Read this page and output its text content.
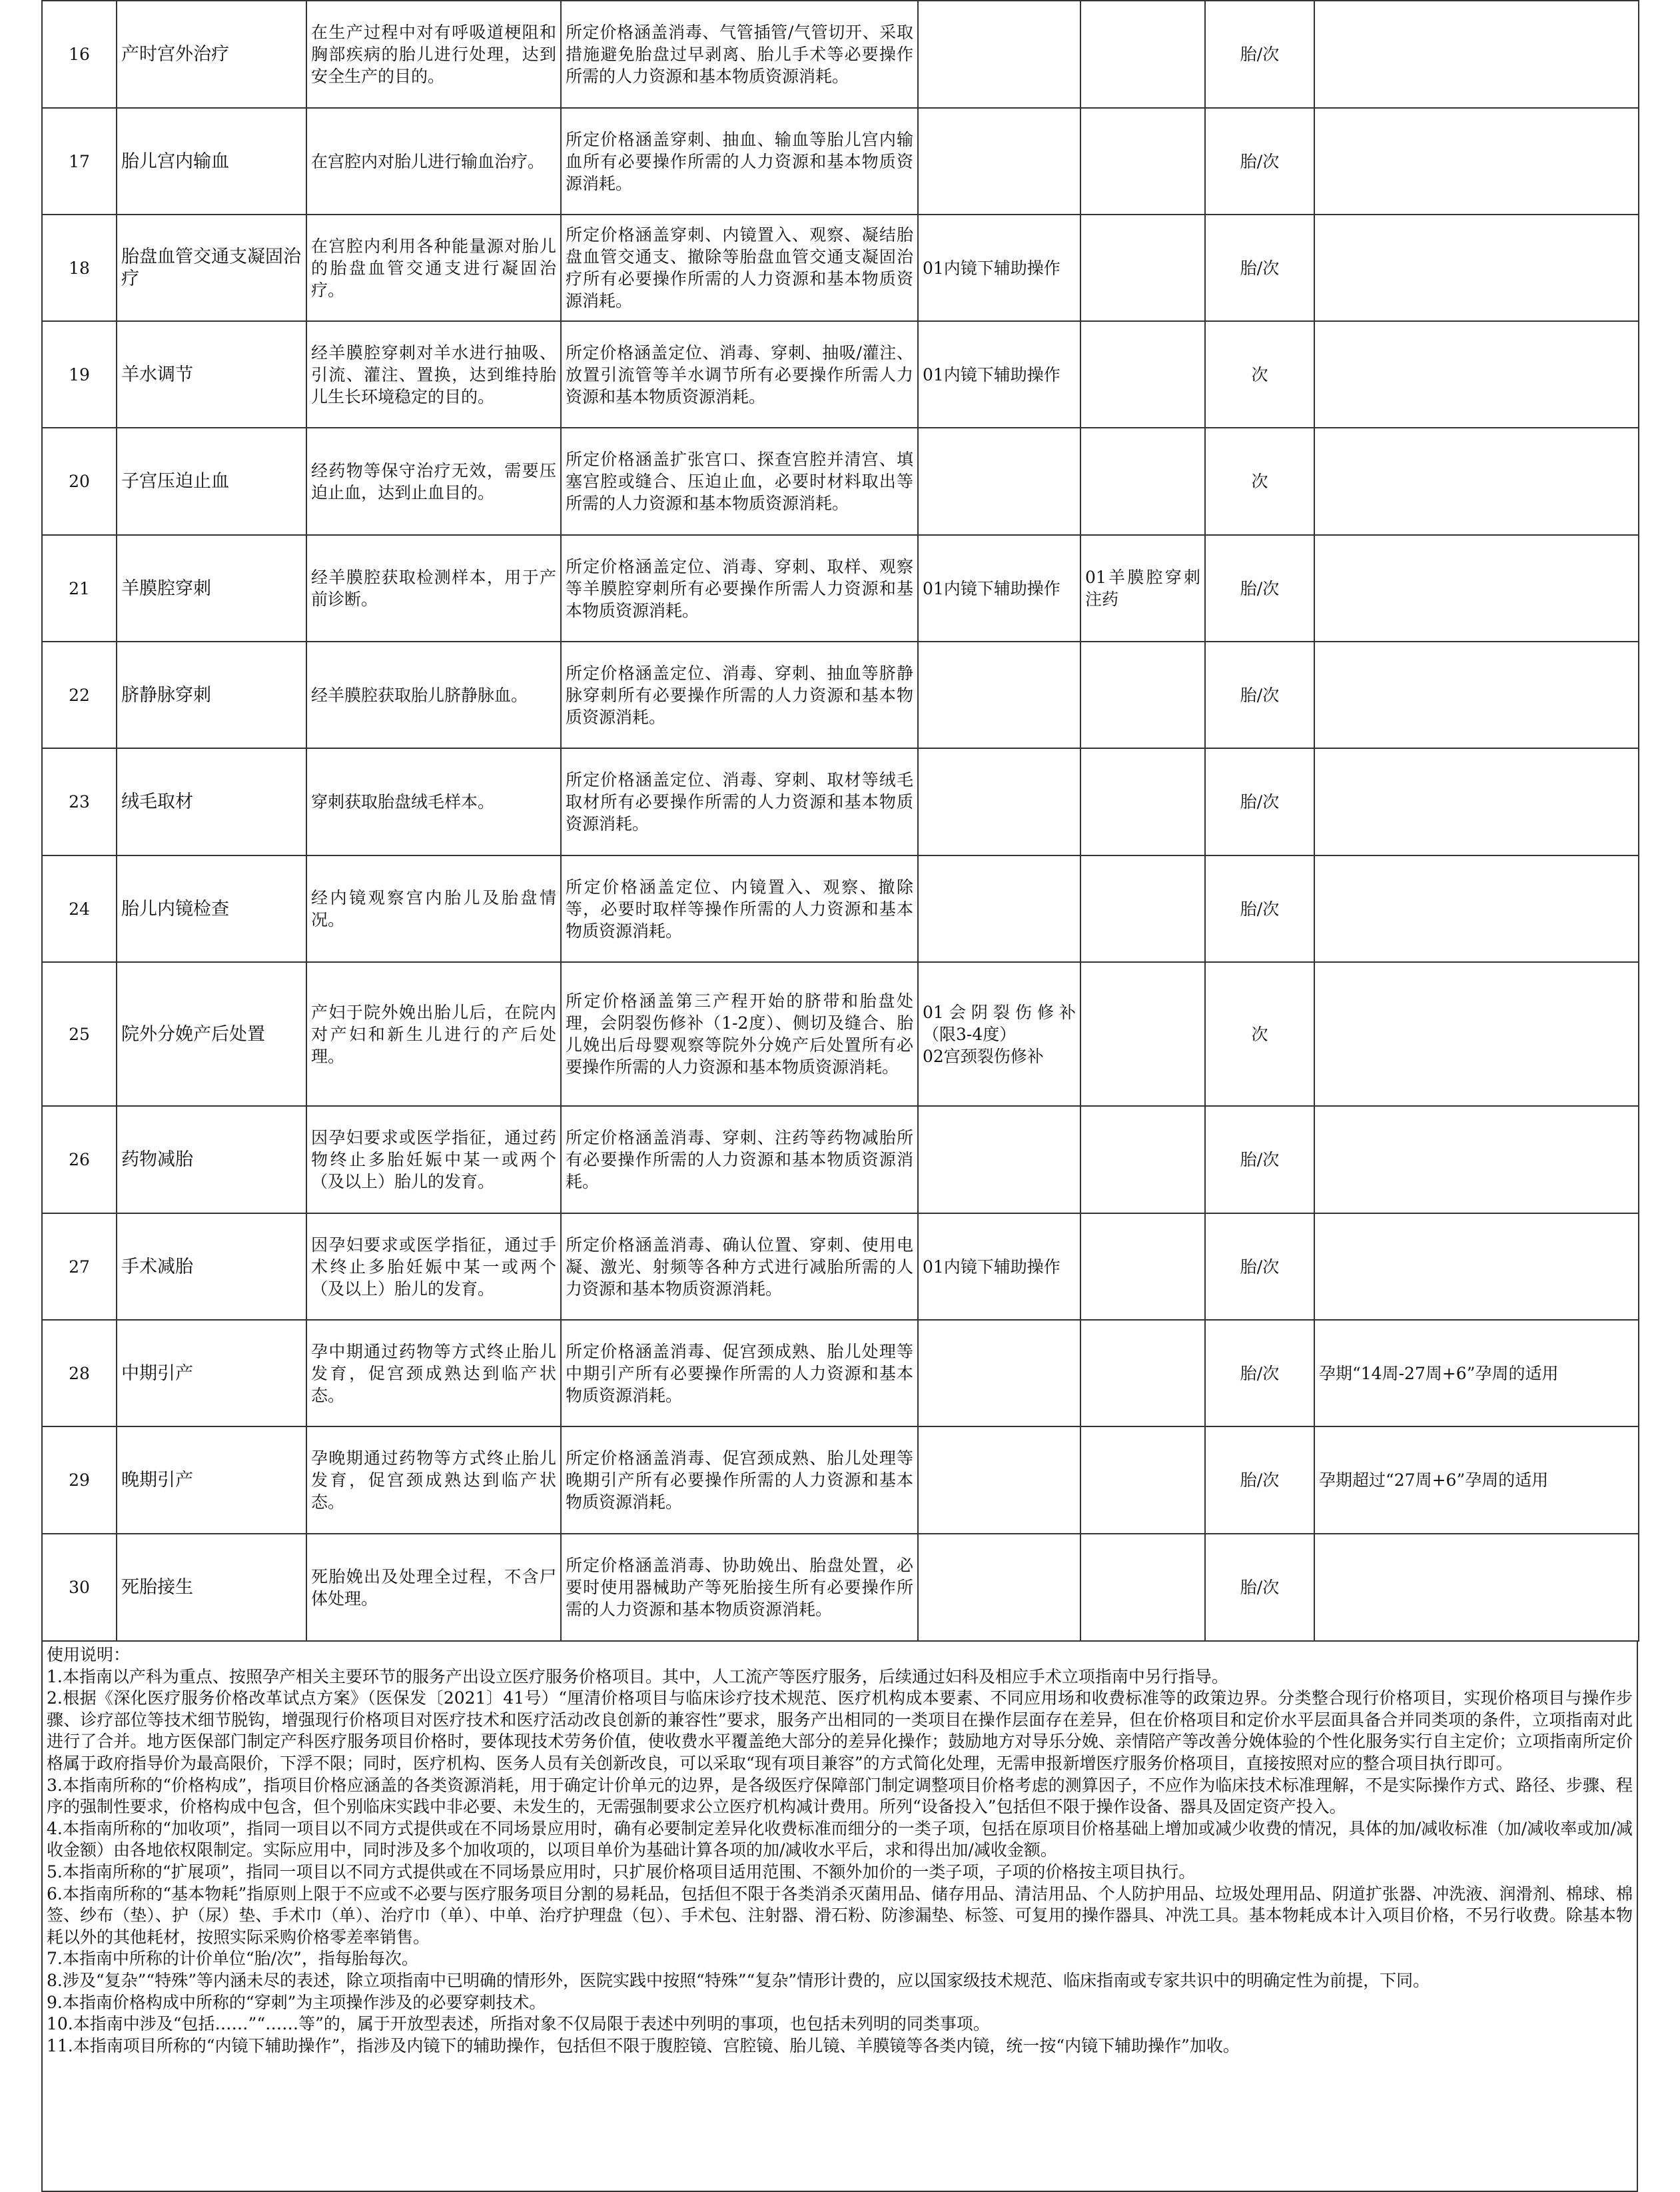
16	产时宫外治疗	在生产过程中对有呼吸道梗阻和胸部疾病的胎儿进行处理，达到安全生产的目的。	所定价格涵盖消毒、气管插管/气管切开、采取措施避免胎盘过早剥离、胎儿手术等必要操作所需的人力资源和基本物质资源消耗。			胎/次	
17	胎儿宫内输血	在宫腔内对胎儿进行输血治疗。	所定价格涵盖穿刺、抽血、输血等胎儿宫内输血所有必要操作所需的人力资源和基本物质资源消耗。			胎/次	
18	胎盘血管交通支凝固治疗	在宫腔内利用各种能量源对胎儿的胎盘血管交通支进行凝固治疗。	所定价格涵盖穿刺、内镜置入、观察、凝结胎盘血管交通支、撤除等胎盘血管交通支凝固治疗所有必要操作所需的人力资源和基本物质资源消耗。	01内镜下辅助操作		胎/次	
19	羊水调节	经羊膜腔穿刺对羊水进行抽吸、引流、灌注、置换，达到维持胎儿生长环境稳定的目的。	所定价格涵盖定位、消毒、穿刺、抽吸/灌注、放置引流管等羊水调节所有必要操作所需人力资源和基本物质资源消耗。	01内镜下辅助操作		次	
20	子宫压迫止血	经药物等保守治疗无效，需要压迫止血，达到止血目的。	所定价格涵盖扩张宫口、探查宫腔并清宫、填塞宫腔或缝合、压迫止血，必要时材料取出等所需的人力资源和基本物质资源消耗。			次	
21	羊膜腔穿刺	经羊膜腔获取检测样本，用于产前诊断。	所定价格涵盖定位、消毒、穿刺、取样、观察等羊膜腔穿刺所有必要操作所需人力资源和基本物质资源消耗。	01内镜下辅助操作	01羊膜腔穿刺注药	胎/次	
22	脐静脉穿刺	经羊膜腔获取胎儿脐静脉血。	所定价格涵盖定位、消毒、穿刺、抽血等脐静脉穿刺所有必要操作所需的人力资源和基本物质资源消耗。			胎/次	
23	绒毛取材	穿刺获取胎盘绒毛样本。	所定价格涵盖定位、消毒、穿刺、取材等绒毛取材所有必要操作所需的人力资源和基本物质资源消耗。			胎/次	
24	胎儿内镜检查	经内镜观察宫内胎儿及胎盘情况。	所定价格涵盖定位、内镜置入、观察、撤除等，必要时取样等操作所需的人力资源和基本物质资源消耗。			胎/次	
25	院外分娩产后处置	产妇于院外娩出胎儿后，在院内对产妇和新生儿进行的产后处理。	所定价格涵盖第三产程开始的脐带和胎盘处理，会阴裂伤修补（1-2度）、侧切及缝合、胎儿娩出后母婴观察等院外分娩产后处置所有必要操作所需的人力资源和基本物质资源消耗。	01会阴裂伤修补（限3-4度）
02宫颈裂伤修补		次	
26	药物减胎	因孕妇要求或医学指征，通过药物终止多胎妊娠中某一或两个（及以上）胎儿的发育。	所定价格涵盖消毒、穿刺、注药等药物减胎所有必要操作所需的人力资源和基本物质资源消耗。			胎/次	
27	手术减胎	因孕妇要求或医学指征，通过手术终止多胎妊娠中某一或两个（及以上）胎儿的发育。	所定价格涵盖消毒、确认位置、穿刺、使用电凝、激光、射频等各种方式进行减胎所需的人力资源和基本物质资源消耗。	01内镜下辅助操作		胎/次	
28	中期引产	孕中期通过药物等方式终止胎儿发育，促宫颈成熟达到临产状态。	所定价格涵盖消毒、促宫颈成熟、胎儿处理等中期引产所有必要操作所需的人力资源和基本物质资源消耗。			胎/次	孕期“14周-27周+6”孕周的适用
29	晚期引产	孕晚期通过药物等方式终止胎儿发育，促宫颈成熟达到临产状态。	所定价格涵盖消毒、促宫颈成熟、胎儿处理等晚期引产所有必要操作所需的人力资源和基本物质资源消耗。			胎/次	孕期超过“27周+6”孕周的适用
30	死胎接生	死胎娩出及处理全过程，不含尸体处理。	所定价格涵盖消毒、协助娩出、胎盘处置，必要时使用器械助产等死胎接生所有必要操作所需的人力资源和基本物质资源消耗。			胎/次	

使用说明：

1.本指南以产科为重点、按照孕产相关主要环节的服务产出设立医疗服务价格项目。其中，人工流产等医疗服务，后续通过妇科及相应手术立项指南中另行指导。

2.根据《深化医疗服务价格改革试点方案》（医保发〔2021〕41号）“厘清价格项目与临床诊疗技术规范、医疗机构成本要素、不同应用场和收费标准等的政策边界。分类整合现行价格项目，实现价格项目与操作步骤、诊疗部位等技术细节脱钩，增强现行价格项目对医疗技术和医疗活动改良创新的兼容性”要求，服务产出相同的一类项目在操作层面存在差异，但在价格项目和定价水平层面具备合并同类项的条件，立项指南对此进行了合并。地方医保部门制定产科医疗服务项目价格时，要体现技术劳务价值，使收费水平覆盖绝大部分的差异化操作；鼓励地方对导乐分娩、亲情陪产等改善分娩体验的个性化服务实行自主定价；立项指南所定价格属于政府指导价为最高限价，下浮不限；同时，医疗机构、医务人员有关创新改良，可以采取“现有项目兼容”的方式简化处理，无需申报新增医疗服务价格项目，直接按照对应的整合项目执行即可。

3.本指南所称的“价格构成”，指项目价格应涵盖的各类资源消耗，用于确定计价单元的边界，是各级医疗保障部门制定调整项目价格考虑的测算因子，不应作为临床技术标准理解，不是实际操作方式、路径、步骤、程序的强制性要求，价格构成中包含，但个别临床实践中非必要、未发生的，无需强制要求公立医疗机构减计费用。所列“设备投入”包括但不限于操作设备、器具及固定资产投入。

4.本指南所称的“加收项”，指同一项目以不同方式提供或在不同场景应用时，确有必要制定差异化收费标准而细分的一类子项，包括在原项目价格基础上增加或减少收费的情况，具体的加/减收标准（加/减收率或加/减收金额）由各地依权限制定。实际应用中，同时涉及多个加收项的，以项目单价为基础计算各项的加/减收水平后，求和得出加/减收金额。

5.本指南所称的“扩展项”，指同一项目以不同方式提供或在不同场景应用时，只扩展价格项目适用范围、不额外加价的一类子项，子项的价格按主项目执行。

6.本指南所称的“基本物耗”指原则上限于不应或不必要与医疗服务项目分割的易耗品，包括但不限于各类消杀灭菌用品、储存用品、清洁用品、个人防护用品、垃圾处理用品、阴道扩张器、冲洗液、润滑剂、棉球、棉签、纱布（垫）、护（尿）垫、手术巾（单）、治疗巾（单）、中单、治疗护理盘（包）、手术包、注射器、滑石粉、防渗漏垫、标签、可复用的操作器具、冲洗工具。基本物耗成本计入项目价格，不另行收费。除基本物耗以外的其他耗材，按照实际采购价格零差率销售。

7.本指南中所称的计价单位“胎/次”，指每胎每次。

8.涉及“复杂”“特殊”等内涵未尽的表述，除立项指南中已明确的情形外，医院实践中按照“特殊”“复杂”情形计费的，应以国家级技术规范、临床指南或专家共识中的明确定性为前提，下同。

9.本指南价格构成中所称的“穿刺”为主项操作涉及的必要穿刺技术。

10.本指南中涉及“包括……”“……等”的，属于开放型表述，所指对象不仅局限于表述中列明的事项，也包括未列明的同类事项。

11.本指南项目所称的“内镜下辅助操作”，指涉及内镜下的辅助操作，包括但不限于腹腔镜、宫腔镜、胎儿镜、羊膜镜等各类内镜，统一按“内镜下辅助操作”加收。
